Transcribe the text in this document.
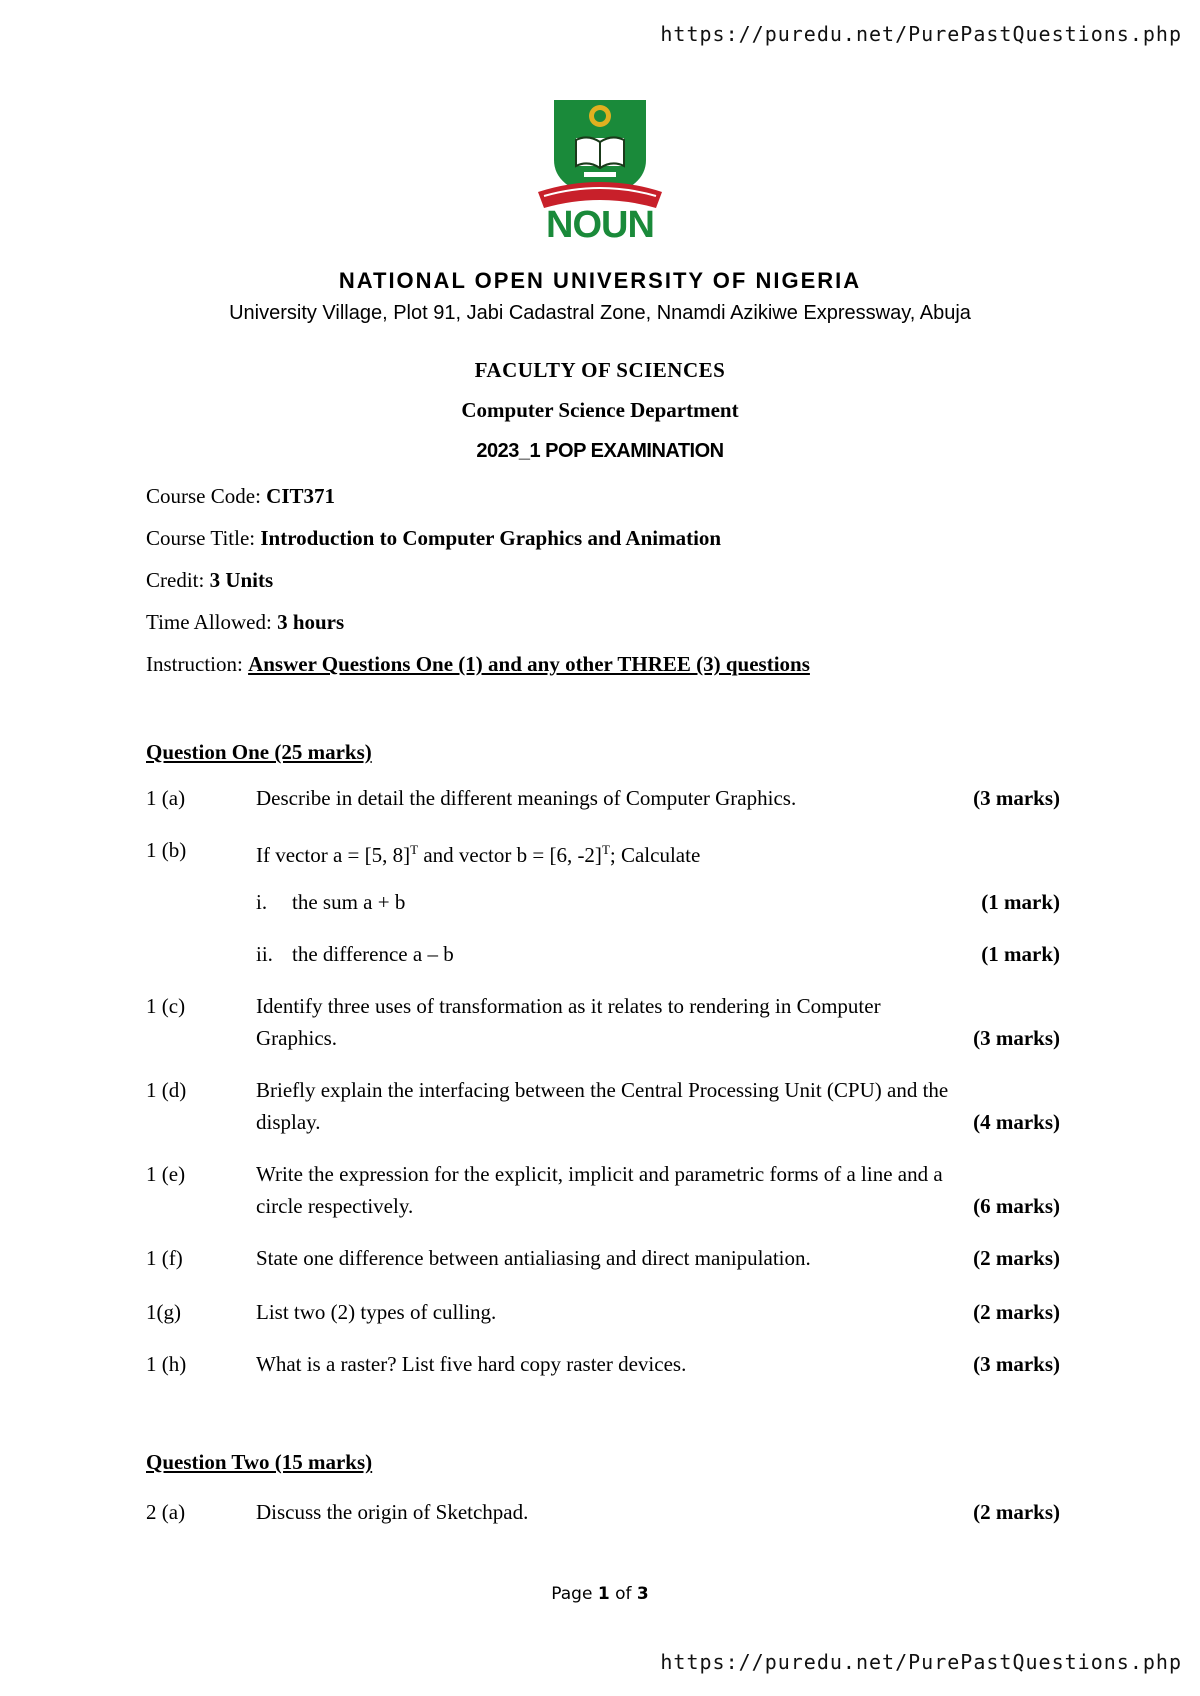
https://puredu.net/PurePastQuestions.php
NOUN
NATIONAL OPEN UNIVERSITY OF NIGERIA
University Village, Plot 91, Jabi Cadastral Zone, Nnamdi Azikiwe Expressway, Abuja
FACULTY OF SCIENCES
Computer Science Department
2023_1 POP EXAMINATION
Course Code: CIT371
Course Title: Introduction to Computer Graphics and Animation
Credit: 3 Units
Time Allowed: 3 hours
Instruction: Answer Questions One (1) and any other THREE (3) questions
Question One (25 marks)
1 (a)	Describe in detail the different meanings of Computer Graphics.	(3 marks)
1 (b)	If vector a = [5, 8]$^T$ and vector b = [6, -2]$^T$; Calculate
i. the sum a + b	(1 mark)
ii. the difference a – b	(1 mark)
1 (c)	Identify three uses of transformation as it relates to rendering in Computer
Graphics.	(3 marks)
1 (d)	Briefly explain the interfacing between the Central Processing Unit (CPU) and the
display.	(4 marks)
1 (e)	Write the expression for the explicit, implicit and parametric forms of a line and a
circle respectively.	(6 marks)
1 (f)	State one difference between antialiasing and direct manipulation.	(2 marks)
1(g)	List two (2) types of culling.	(2 marks)
1 (h)	What is a raster? List five hard copy raster devices.	(3 marks)
Question Two (15 marks)
2 (a)	Discuss the origin of Sketchpad.	(2 marks)
Page 1 of 3
https://puredu.net/PurePastQuestions.php
